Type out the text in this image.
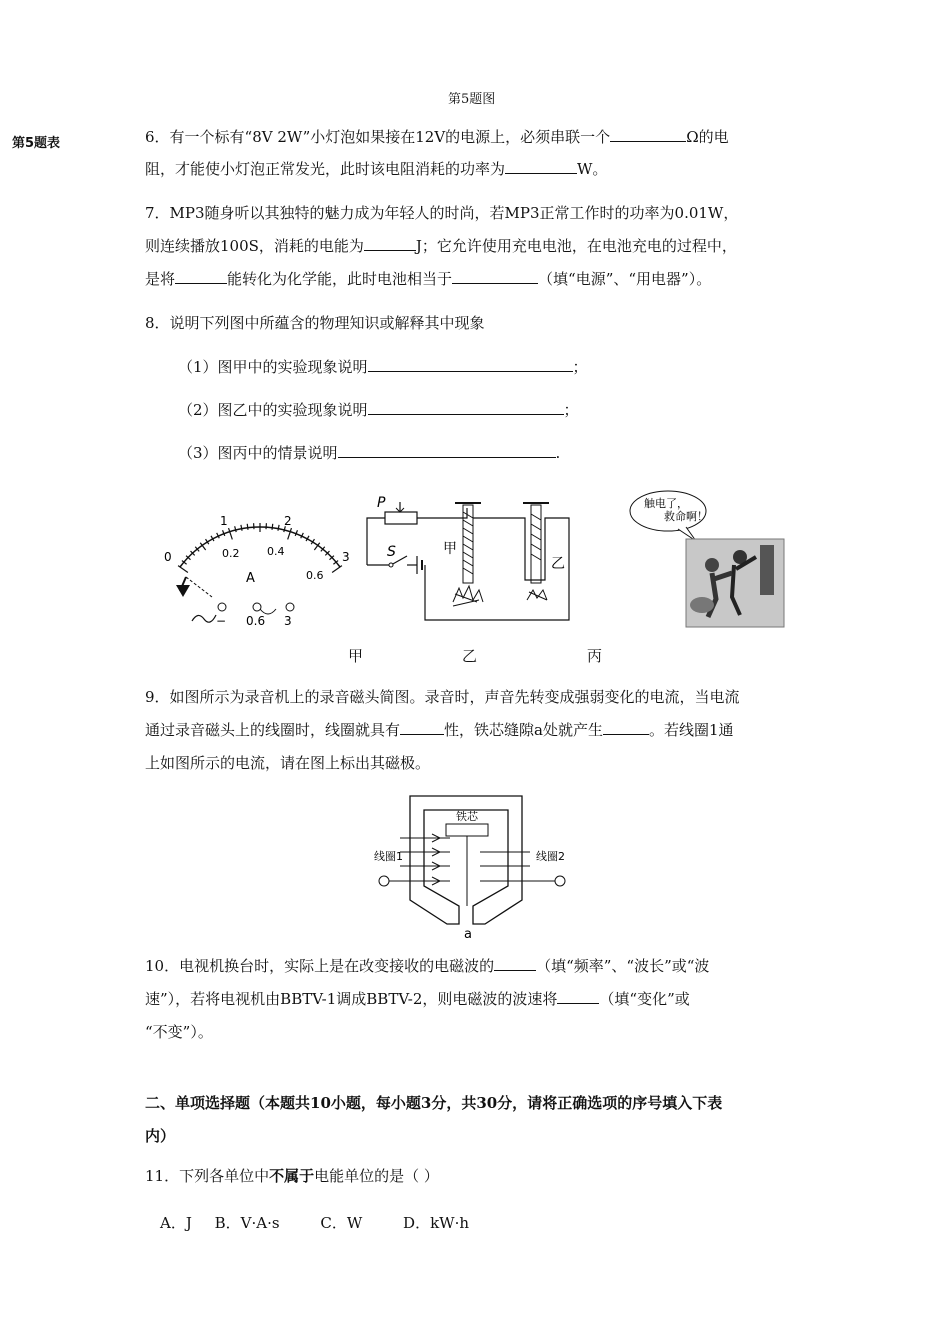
第5题图
第5题表	6．有一个标有“8V 2W”小灯泡如果接在12V的电源上，必须串联一个	Ω的电
阻，才能使小灯泡正常发光，此时该电阻消耗的功率为	W。
7．MP3随身听以其独特的魅力成为年轻人的时尚，若MP3正常工作时的功率为0.01W，
则连续播放100S，消耗的电能为	J；它允许使用充电电池，在电池充电的过程中，
是将	能转化为化学能，此时电池相当于	（填“电源”、“用电器”）。
8．说明下列图中所蕴含的物理知识或解释其中现象
（1）图甲中的实验现象说明	；
（2）图乙中的实验现象说明	；
（3）图丙中的情景说明	.
0
1	2
3
0.2	0.4
0.6
A
− 0.6 3
P
甲
乙
S
触电了，
救命啊！
甲	乙	丙
9．如图所示为录音机上的录音磁头简图。录音时，声音先转变成强弱变化的电流，当电流
通过录音磁头上的线圈时，线圈就具有	性，铁芯缝隙a处就产生	。若线圈1通
上如图所示的电流，请在图上标出其磁极。
铁芯
线圈1	线圈2
a
10．电视机换台时，实际上是在改变接收的电磁波的	（填“频率”、“波长”或“波
速”），若将电视机由BBTV-1调成BBTV-2，则电磁波的波速将	（填“变化”或
“不变”）。
二、单项选择题（本题共10小题，每小题3分，共30分，请将正确选项的序号填入下表
内）
11．下列各单位中不属于电能单位的是（ ）
A．J B．V·A·s	C．W	D．kW·h
